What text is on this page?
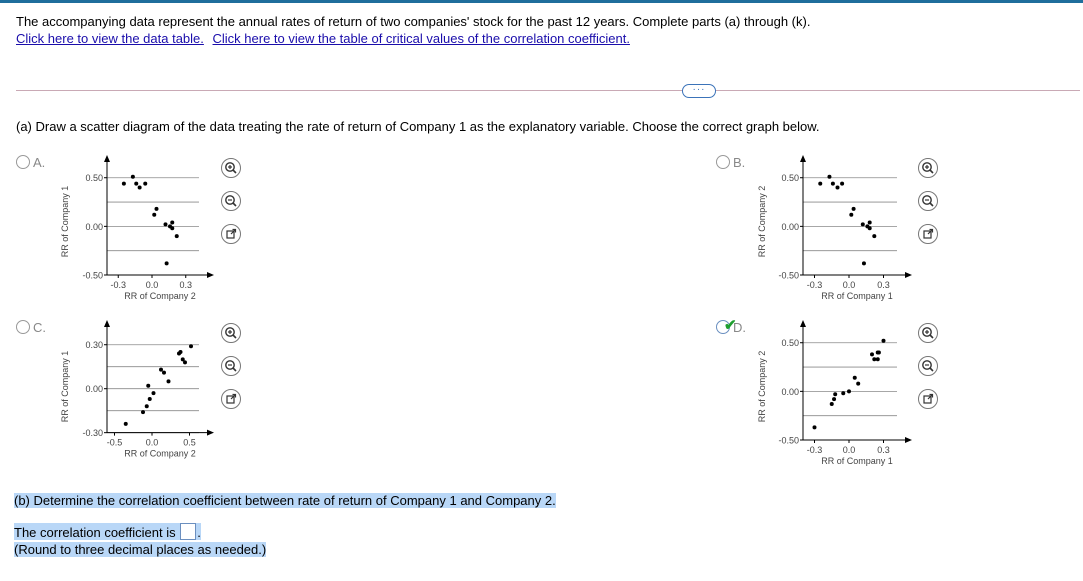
The accompanying data represent the annual rates of return of two companies' stock for the past 12 years. Complete parts (a) through (k).
Click here to view the data table. Click here to view the table of critical values of the correlation coefficient.
···
(a) Draw a scatter diagram of the data treating the rate of return of Company 1 as the explanatory variable. Choose the correct graph below.
A.	B.
C.	✔
D.
0.50
0.00
-0.50
-0.3 0.0 0.3
RR of Company 2
RR of Company 1
0.50
0.00
-0.50
-0.3 0.0 0.3
RR of Company 1
RR of Company 2
0.30
0.00
-0.30
-0.5	0.0	0.5
RR of Company 2
RR of Company 1
0.50
0.00
-0.50
-0.3 0.0 0.3
RR of Company 1
RR of Company 2
(b) Determine the correlation coefficient between rate of return of Company 1 and Company 2.
The correlation coefficient is .
(Round to three decimal places as needed.)
